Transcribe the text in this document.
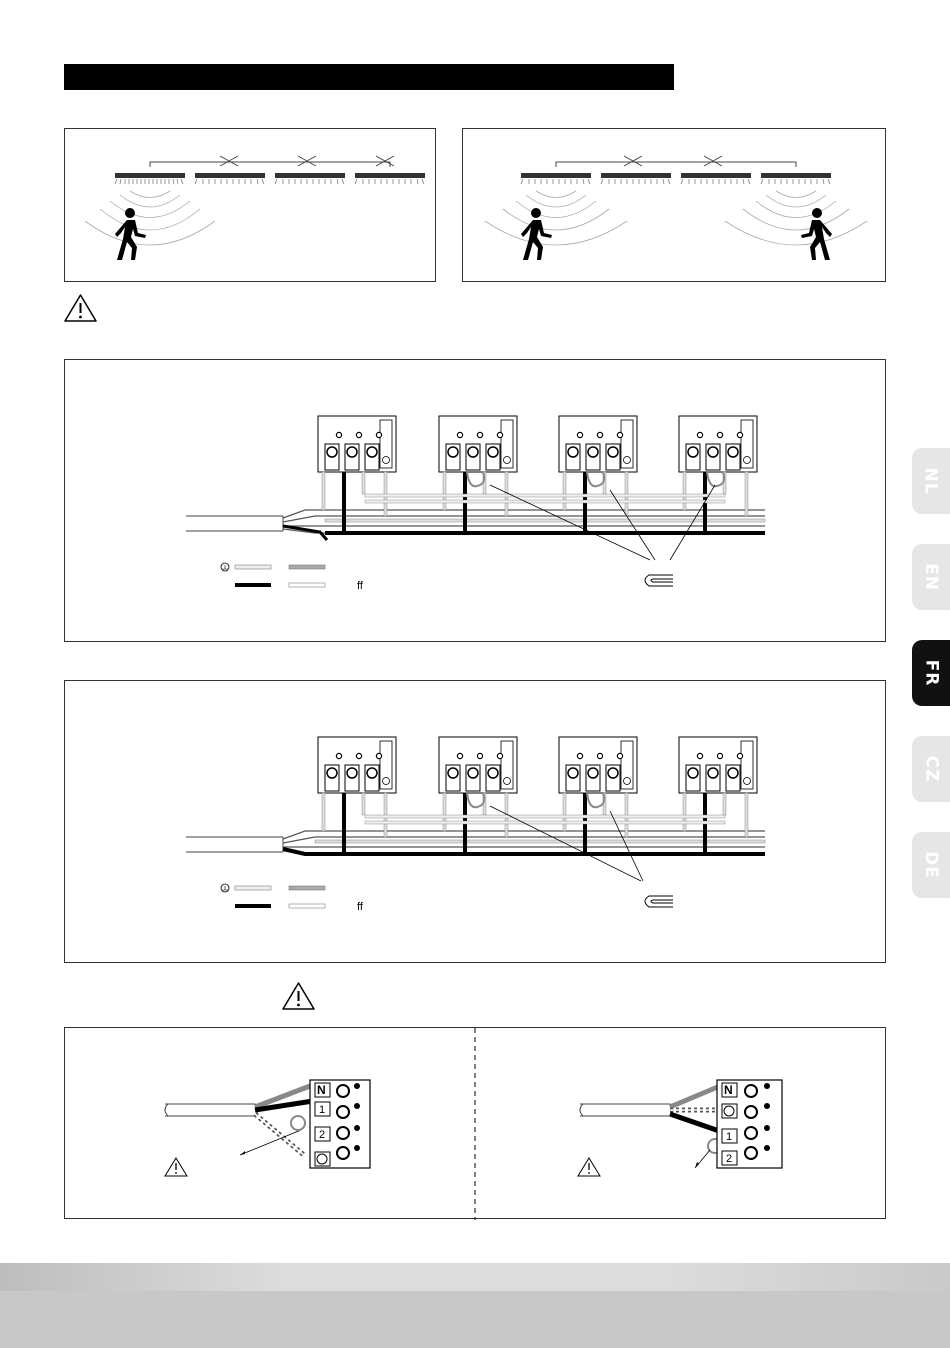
ff
ff
N
1
2
N
1
2
NL
EN
FR
CZ
DE
